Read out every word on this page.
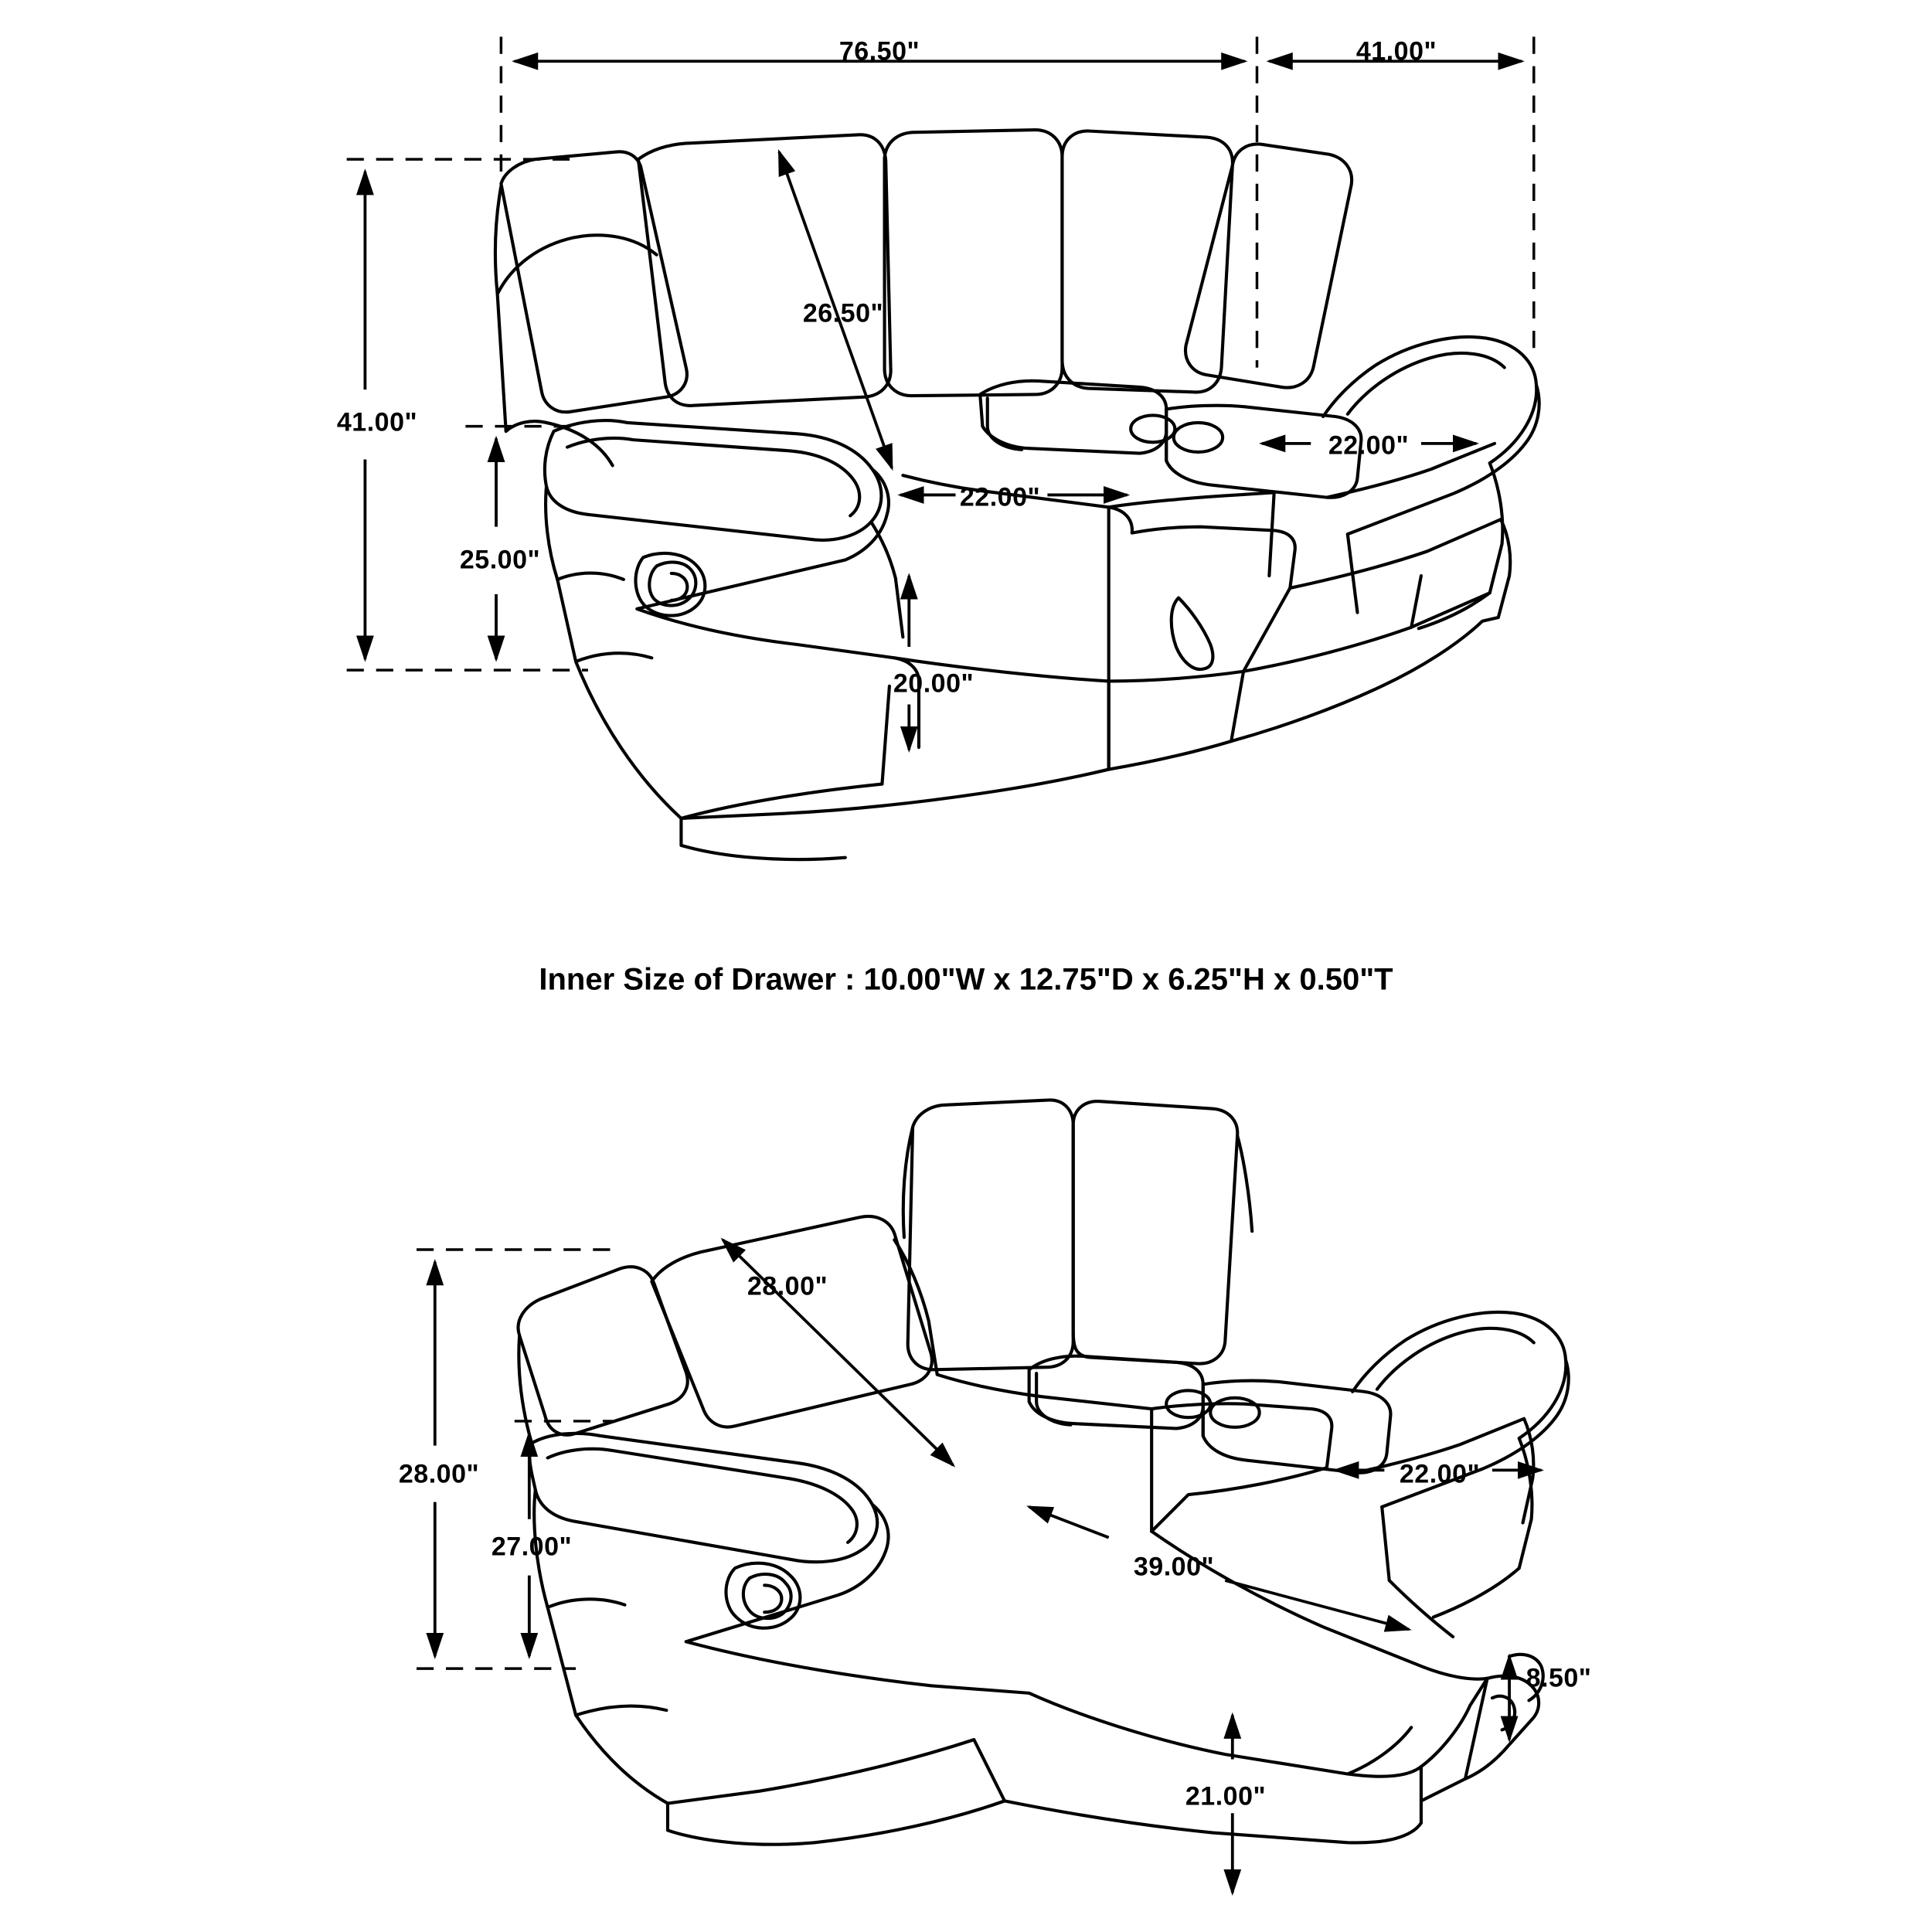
76.50"	41.00"
41.00"
26.50"
25.00"
22.00"
22.00"
20.00"
Inner Size of Drawer : 10.00"W x 12.75"D x 6.25"H x 0.50"T
28.00"
28.00"
27.00"
22.00"
39.00"
8.50"
21.00"
